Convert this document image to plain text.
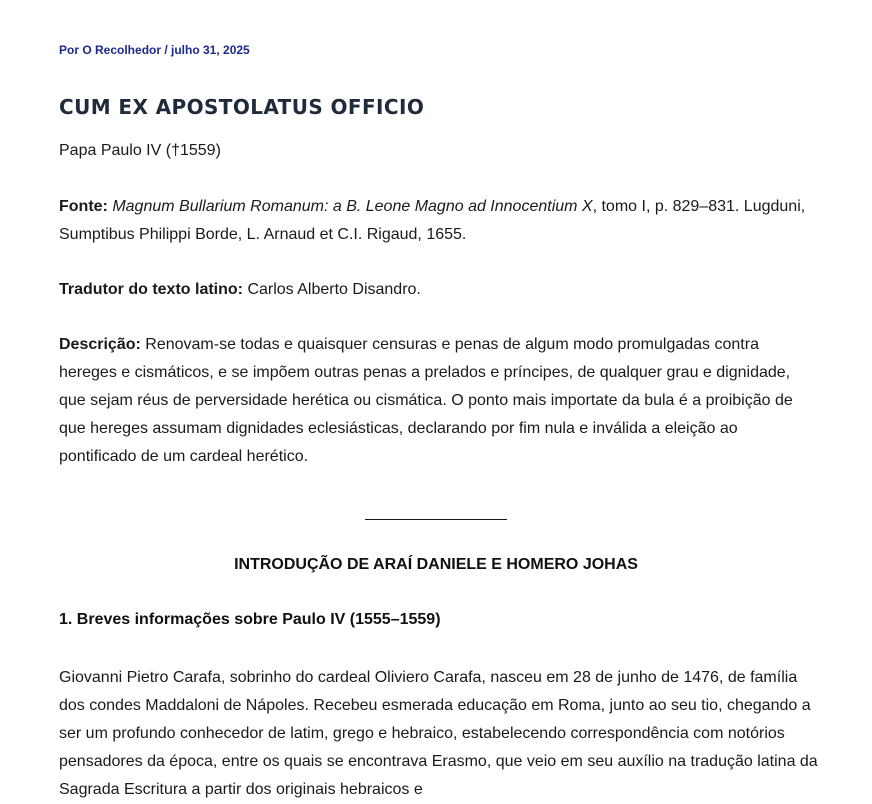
Por O Recolhedor / julho 31, 2025
CUM EX APOSTOLATUS OFFICIO

Papa Paulo IV (†1559)

Fonte: Magnum Bullarium Romanum: a B. Leone Magno ad Innocentium X, tomo I, p. 829–831. Lugduni, Sumptibus Philippi Borde, L. Arnaud et C.I. Rigaud, 1655.

Tradutor do texto latino: Carlos Alberto Disandro.

Descrição: Renovam-se todas e quaisquer censuras e penas de algum modo promulgadas contra hereges e cismáticos, e se impõem outras penas a prelados e príncipes, de qualquer grau e dignidade, que sejam réus de perversidade herética ou cismática. O ponto mais importate da bula é a proibição de que hereges assumam dignidades eclesiásticas, declarando por fim nula e inválida a eleição ao pontificado de um cardeal herético.

INTRODUÇÃO DE ARAÍ DANIELE E HOMERO JOHAS
1. Breves informações sobre Paulo IV (1555–1559)

Giovanni Pietro Carafa, sobrinho do cardeal Oliviero Carafa, nasceu em 28 de junho de 1476, de família dos condes Maddaloni de Nápoles. Recebeu esmerada educação em Roma, junto ao seu tio, chegando a ser um profundo conhecedor de latim, grego e hebraico, estabelecendo correspondência com notórios pensadores da época, entre os quais se encontrava Erasmo, que veio em seu auxílio na tradução latina da Sagrada Escritura a partir dos originais hebraicos e
